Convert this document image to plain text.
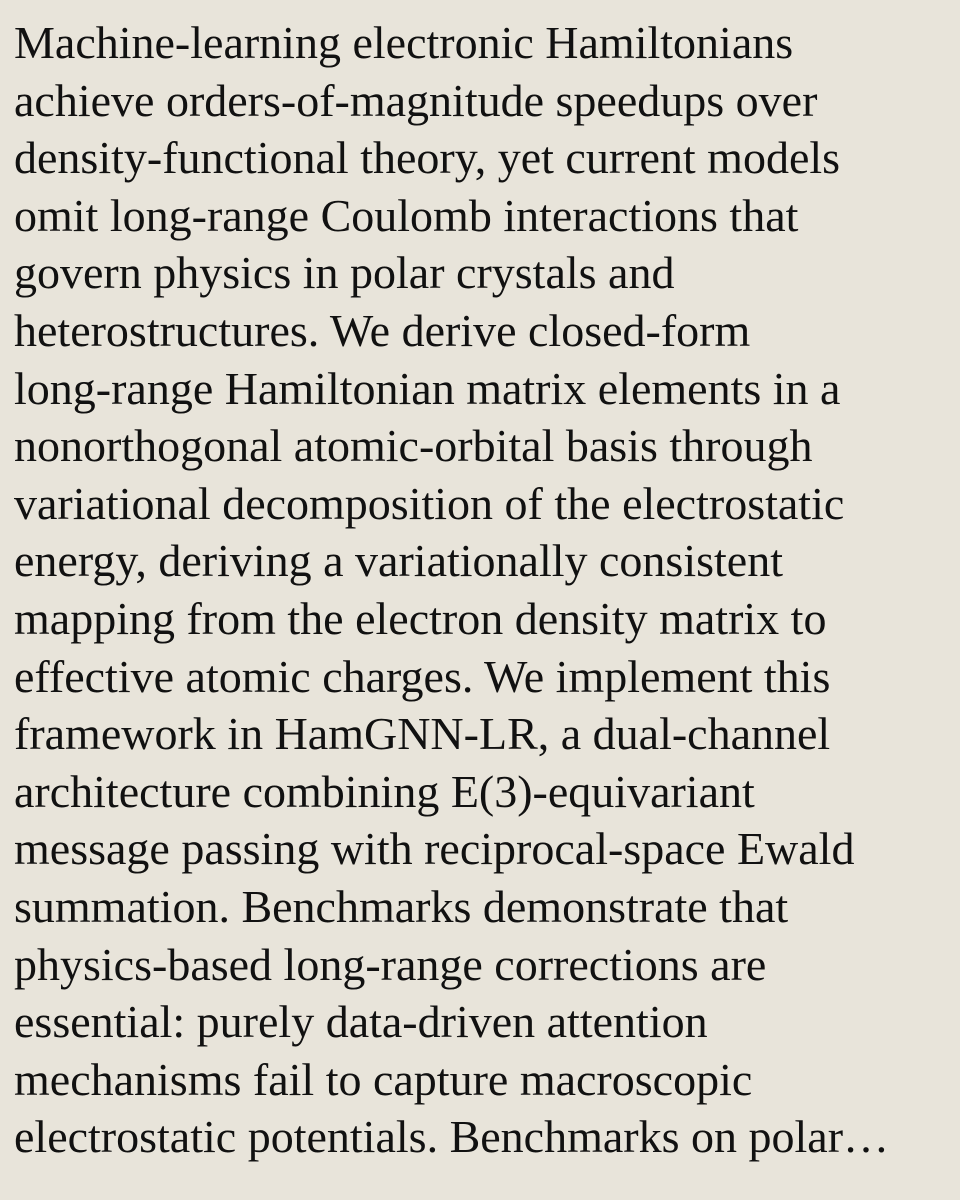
Machine-learning electronic Hamiltonians
achieve orders-of-magnitude speedups over
density-functional theory, yet current models
omit long-range Coulomb interactions that
govern physics in polar crystals and
heterostructures. We derive closed-form
long-range Hamiltonian matrix elements in a
nonorthogonal atomic-orbital basis through
variational decomposition of the electrostatic
energy, deriving a variationally consistent
mapping from the electron density matrix to
effective atomic charges. We implement this
framework in HamGNN-LR, a dual-channel
architecture combining E(3)-equivariant
message passing with reciprocal-space Ewald
summation. Benchmarks demonstrate that
physics-based long-range corrections are
essential: purely data-driven attention
mechanisms fail to capture macroscopic
electrostatic potentials. Benchmarks on polar…
